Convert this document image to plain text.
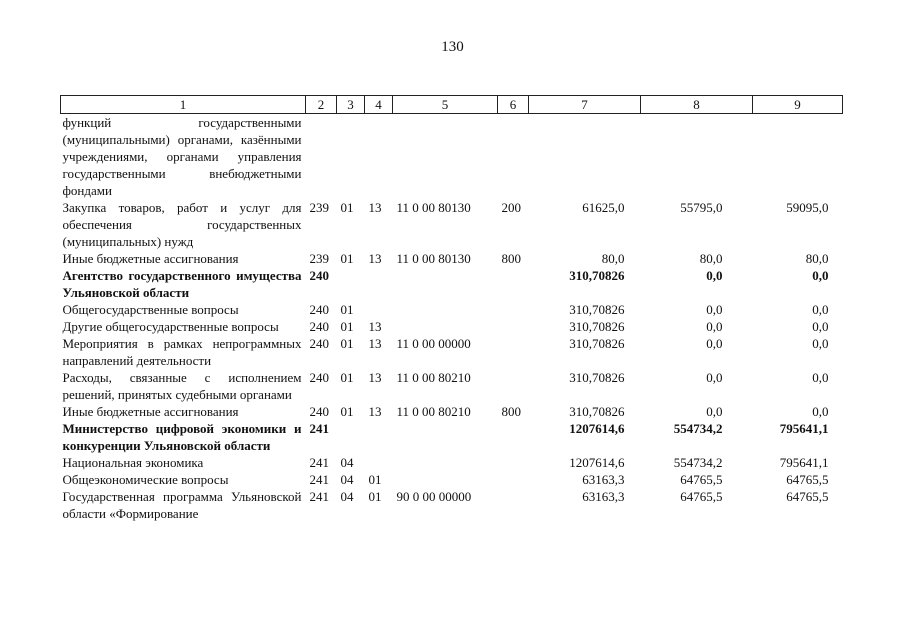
130
1	2	3	4	5	6	7	8	9
функций государственными (муниципальными) органами, казёнными учреждениями, органами управления государственными внебюджетными фондами								
Закупка товаров, работ и услуг для обеспечения государственных (муниципальных) нужд	239	01	13	11 0 00 80130	200	61625,0	55795,0	59095,0
Иные бюджетные ассигнования	239	01	13	11 0 00 80130	800	80,0	80,0	80,0
Агентство государственного имущества Ульяновской области	240					310,70826	0,0	0,0
Общегосударственные вопросы	240	01				310,70826	0,0	0,0
Другие общегосударственные вопросы	240	01	13			310,70826	0,0	0,0
Мероприятия в рамках непрограммных направлений деятельности	240	01	13	11 0 00 00000		310,70826	0,0	0,0
Расходы, связанные с исполнением решений, принятых судебными органами	240	01	13	11 0 00 80210		310,70826	0,0	0,0
Иные бюджетные ассигнования	240	01	13	11 0 00 80210	800	310,70826	0,0	0,0
Министерство цифровой экономики и конкуренции Ульяновской области	241					1207614,6	554734,2	795641,1
Национальная экономика	241	04				1207614,6	554734,2	795641,1
Общеэкономические вопросы	241	04	01			63163,3	64765,5	64765,5
Государственная программа Ульяновской области «Формирование	241	04	01	90 0 00 00000		63163,3	64765,5	64765,5
